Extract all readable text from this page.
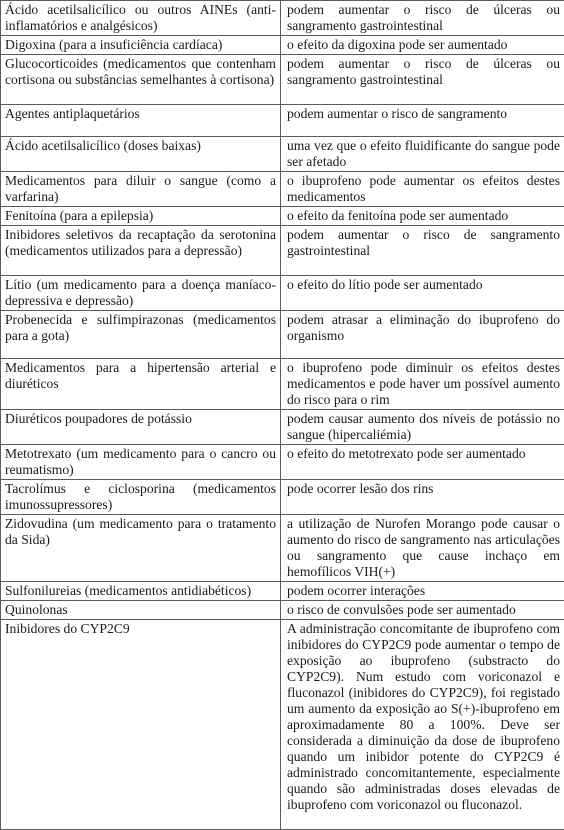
Ácido acetilsalicílico ou outros AINEs (anti-inflamatórios e analgésicos)	podem aumentar o risco de úlceras ou sangramento gastrointestinal
Digoxina (para a insuficiência cardíaca)	o efeito da digoxina pode ser aumentado
Glucocorticoides (medicamentos que contenham cortisona ou substâncias semelhantes à cortisona)	podem aumentar o risco de úlceras ou sangramento gastrointestinal
Agentes antiplaquetários	podem aumentar o risco de sangramento
Ácido acetilsalicílico (doses baixas)	uma vez que o efeito fluidificante do sangue pode ser afetado
Medicamentos para diluir o sangue (como a varfarina)	o ibuprofeno pode aumentar os efeitos destes medicamentos
Fenitoína (para a epilepsia)	o efeito da fenitoína pode ser aumentado
Inibidores seletivos da recaptação da serotonina (medicamentos utilizados para a depressão)	podem aumentar o risco de sangramento gastrointestinal
Lítio (um medicamento para a doença maníaco-depressiva e depressão)	o efeito do lítio pode ser aumentado
Probenecida e sulfimpirazonas (medicamentos para a gota)	podem atrasar a eliminação do ibuprofeno do organismo
Medicamentos para a hipertensão arterial e diuréticos	o ibuprofeno pode diminuir os efeitos destes medicamentos e pode haver um possível aumento do risco para o rim
Diuréticos poupadores de potássio	podem causar aumento dos níveis de potássio no sangue (hipercaliémia)
Metotrexato (um medicamento para o cancro ou reumatismo)	o efeito do metotrexato pode ser aumentado
Tacrolímus e ciclosporina (medicamentos imunossupressores)	pode ocorrer lesão dos rins
Zidovudina (um medicamento para o tratamento da Sida)	a utilização de Nurofen Morango pode causar o aumento do risco de sangramento nas articulações ou sangramento que cause inchaço em hemofílicos VIH(+)
Sulfonilureias (medicamentos antidiabéticos)	podem ocorrer interações
Quinolonas	o risco de convulsões pode ser aumentado
Inibidores do CYP2C9	A administração concomitante de ibuprofeno com inibidores do CYP2C9 pode aumentar o tempo de exposição ao ibuprofeno (substracto do CYP2C9). Num estudo com voriconazol e fluconazol (inibidores do CYP2C9), foi registado um aumento da exposição ao S(+)-ibuprofeno em aproximadamente 80 a 100%. Deve ser considerada a diminuição da dose de ibuprofeno quando um inibidor potente do CYP2C9 é administrado concomitantemente, especialmente quando são administradas doses elevadas de ibuprofeno com voriconazol ou fluconazol.
